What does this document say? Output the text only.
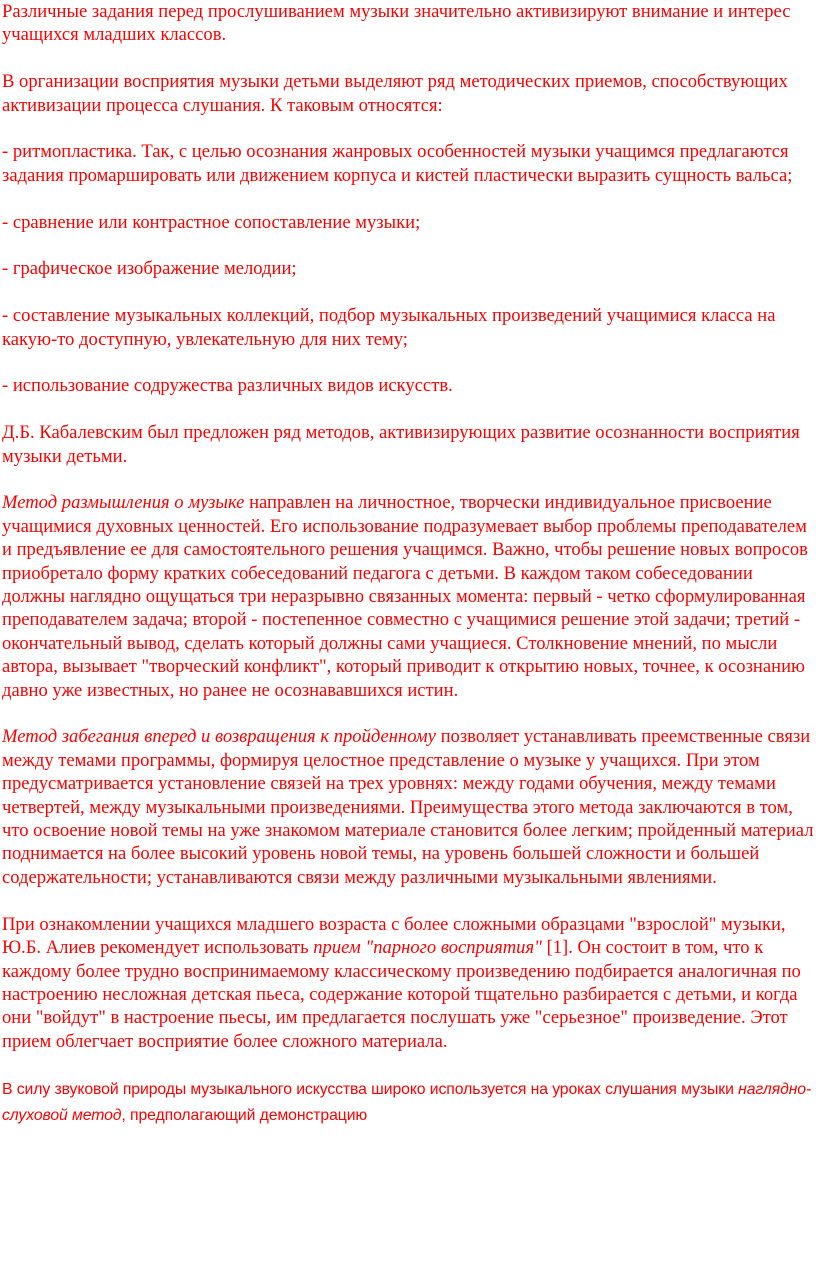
Различные задания перед прослушиванием музыки значительно активизируют внимание и интерес учащихся младших классов.

В организации восприятия музыки детьми выделяют ряд методических приемов, способствующих активизации процесса слушания. К таковым относятся:

- ритмопластика. Так, с целью осознания жанровых особенностей музыки учащимся предлагаются задания промаршировать или движением корпуса и кистей пластически выразить сущность вальса;

- сравнение или контрастное сопоставление музыки;

- графическое изображение мелодии;

- составление музыкальных коллекций, подбор музыкальных произведений учащимися класса на какую-то доступную, увлекательную для них тему;

- использование содружества различных видов искусств.

Д.Б. Кабалевским был предложен ряд методов, активизирующих развитие осознанности восприятия музыки детьми.

Метод размышления о музыке направлен на личностное, творчески индивидуальное присвоение учащимися духовных ценностей. Его использование подразумевает выбор проблемы преподавателем и предъявление ее для самостоятельного решения учащимся. Важно, чтобы решение новых вопросов приобретало форму кратких собеседований педагога с детьми. В каждом таком собеседовании должны наглядно ощущаться три неразрывно связанных момента: первый - четко сформулированная преподавателем задача; второй - постепенное совместно с учащимися решение этой задачи; третий - окончательный вывод, сделать который должны сами учащиеся. Столкновение мнений, по мысли автора, вызывает "творческий конфликт", который приводит к открытию новых, точнее, к осознанию давно уже известных, но ранее не осознававшихся истин.

Метод забегания вперед и возвращения к пройденному позволяет устанавливать преемственные связи между темами программы, формируя целостное представление о музыке у учащихся. При этом предусматривается установление связей на трех уровнях: между годами обучения, между темами четвертей, между музыкальными произведениями. Преимущества этого метода заключаются в том, что освоение новой темы на уже знакомом материале становится более легким; пройденный материал поднимается на более высокий уровень новой темы, на уровень большей сложности и большей содержательности; устанавливаются связи между различными музыкальными явлениями.

При ознакомлении учащихся младшего возраста с более сложными образцами "взрослой" музыки, Ю.Б. Алиев рекомендует использовать прием "парного восприятия" [1]. Он состоит в том, что к каждому более трудно воспринимаемому классическому произведению подбирается аналогичная по настроению несложная детская пьеса, содержание которой тщательно разбирается с детьми, и когда они "войдут" в настроение пьесы, им предлагается послушать уже "серьезное" произведение. Этот прием облегчает восприятие более сложного материала.

В силу звуковой природы музыкального искусства широко используется на уроках слушания музыки наглядно-слуховой метод, предполагающий демонстрацию
